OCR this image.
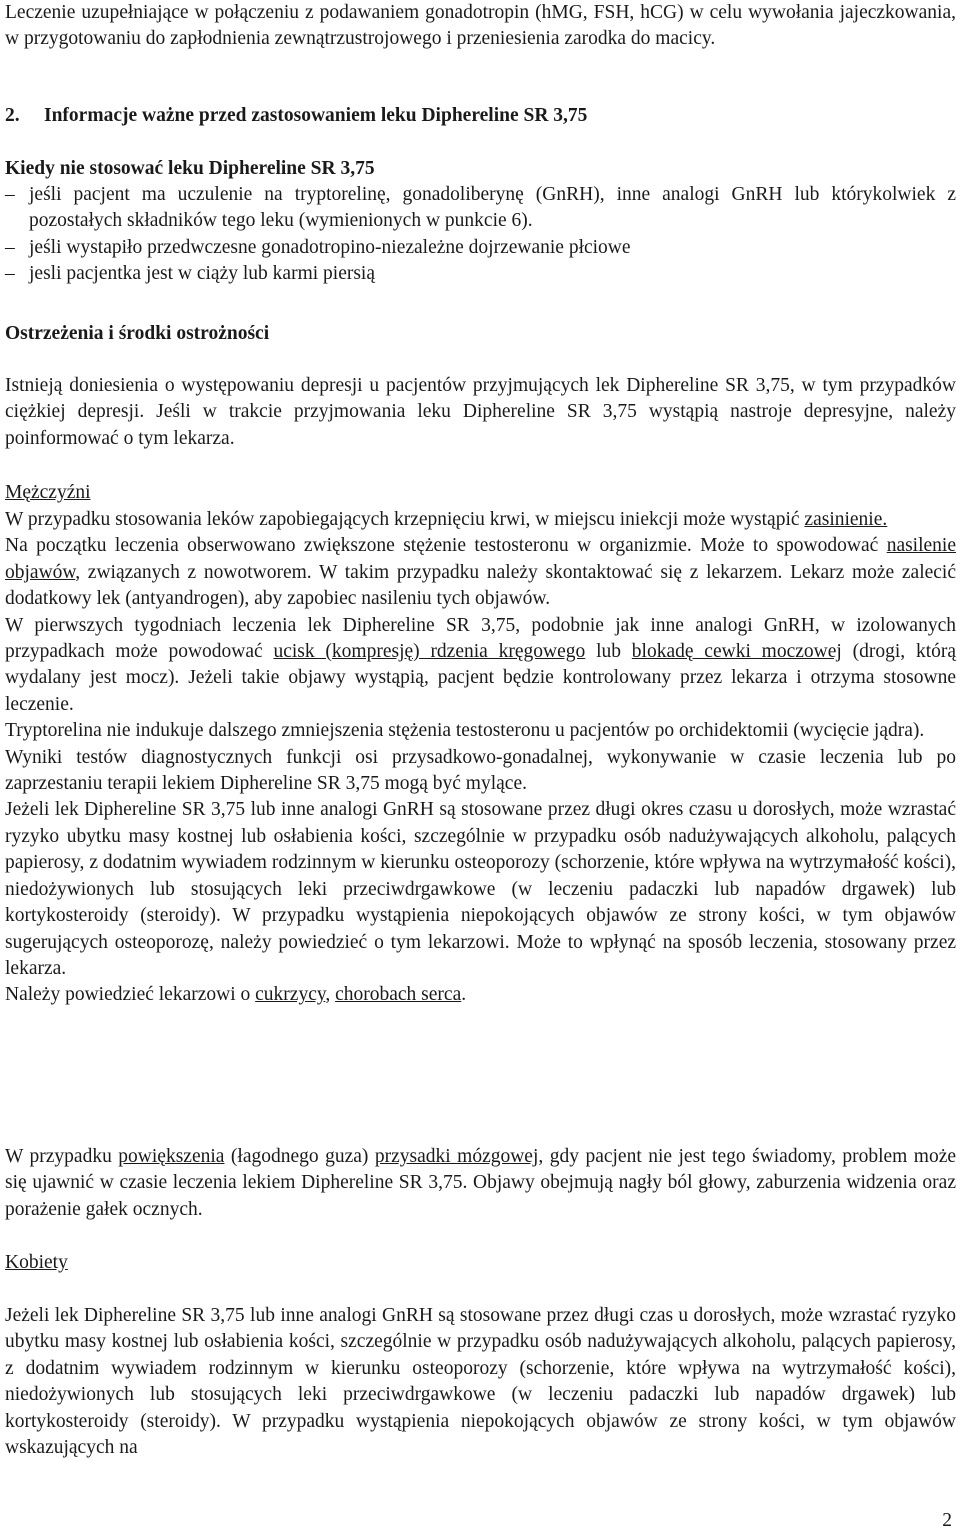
Leczenie uzupełniające w połączeniu z podawaniem gonadotropin (hMG, FSH, hCG) w celu wywołania jajeczkowania, w przygotowaniu do zapłodnienia zewnątrzustrojowego i przeniesienia zarodka do macicy.

2. Informacje ważne przed zastosowaniem leku Diphereline SR 3,75
Kiedy nie stosować leku Diphereline SR 3,75
– jeśli pacjent ma uczulenie na tryptorelinę, gonadoliberynę (GnRH), inne analogi GnRH lub którykolwiek z pozostałych składników tego leku (wymienionych w punkcie 6).
– jeśli wystapiło przedwczesne gonadotropino-niezależne dojrzewanie płciowe
– jesli pacjentka jest w ciąży lub karmi piersią
Ostrzeżenia i środki ostrożności

Istnieją doniesienia o występowaniu depresji u pacjentów przyjmujących lek Diphereline SR 3,75, w tym przypadków ciężkiej depresji. Jeśli w trakcie przyjmowania leku Diphereline SR 3,75 wystąpią nastroje depresyjne, należy poinformować o tym lekarza.

Mężczyźni

W przypadku stosowania leków zapobiegających krzepnięciu krwi, w miejscu iniekcji może wystąpić zasinienie.

Na początku leczenia obserwowano zwiększone stężenie testosteronu w organizmie. Może to spowodować nasilenie objawów, związanych z nowotworem. W takim przypadku należy skontaktować się z lekarzem. Lekarz może zalecić dodatkowy lek (antyandrogen), aby zapobiec nasileniu tych objawów.

W pierwszych tygodniach leczenia lek Diphereline SR 3,75, podobnie jak inne analogi GnRH, w izolowanych przypadkach może powodować ucisk (kompresję) rdzenia kręgowego lub blokadę cewki moczowej (drogi, którą wydalany jest mocz). Jeżeli takie objawy wystąpią, pacjent będzie kontrolowany przez lekarza i otrzyma stosowne leczenie.

Tryptorelina nie indukuje dalszego zmniejszenia stężenia testosteronu u pacjentów po orchidektomii (wycięcie jądra).

Wyniki testów diagnostycznych funkcji osi przysadkowo-gonadalnej, wykonywanie w czasie leczenia lub po zaprzestaniu terapii lekiem Diphereline SR 3,75 mogą być mylące.

Jeżeli lek Diphereline SR 3,75 lub inne analogi GnRH są stosowane przez długi okres czasu u dorosłych, może wzrastać ryzyko ubytku masy kostnej lub osłabienia kości, szczególnie w przypadku osób nadużywających alkoholu, palących papierosy, z dodatnim wywiadem rodzinnym w kierunku osteoporozy (schorzenie, które wpływa na wytrzymałość kości), niedożywionych lub stosujących leki przeciwdrgawkowe (w leczeniu padaczki lub napadów drgawek) lub kortykosteroidy (steroidy). W przypadku wystąpienia niepokojących objawów ze strony kości, w tym objawów sugerujących osteoporozę, należy powiedzieć o tym lekarzowi. Może to wpłynąć na sposób leczenia, stosowany przez lekarza.

Należy powiedzieć lekarzowi o cukrzycy, chorobach serca.

W przypadku powiększenia (łagodnego guza) przysadki mózgowej, gdy pacjent nie jest tego świadomy, problem może się ujawnić w czasie leczenia lekiem Diphereline SR 3,75. Objawy obejmują nagły ból głowy, zaburzenia widzenia oraz porażenie gałek ocznych.

Kobiety

Jeżeli lek Diphereline SR 3,75 lub inne analogi GnRH są stosowane przez długi czas u dorosłych, może wzrastać ryzyko ubytku masy kostnej lub osłabienia kości, szczególnie w przypadku osób nadużywających alkoholu, palących papierosy, z dodatnim wywiadem rodzinnym w kierunku osteoporozy (schorzenie, które wpływa na wytrzymałość kości), niedożywionych lub stosujących leki przeciwdrgawkowe (w leczeniu padaczki lub napadów drgawek) lub kortykosteroidy (steroidy). W przypadku wystąpienia niepokojących objawów ze strony kości, w tym objawów wskazujących na

2
